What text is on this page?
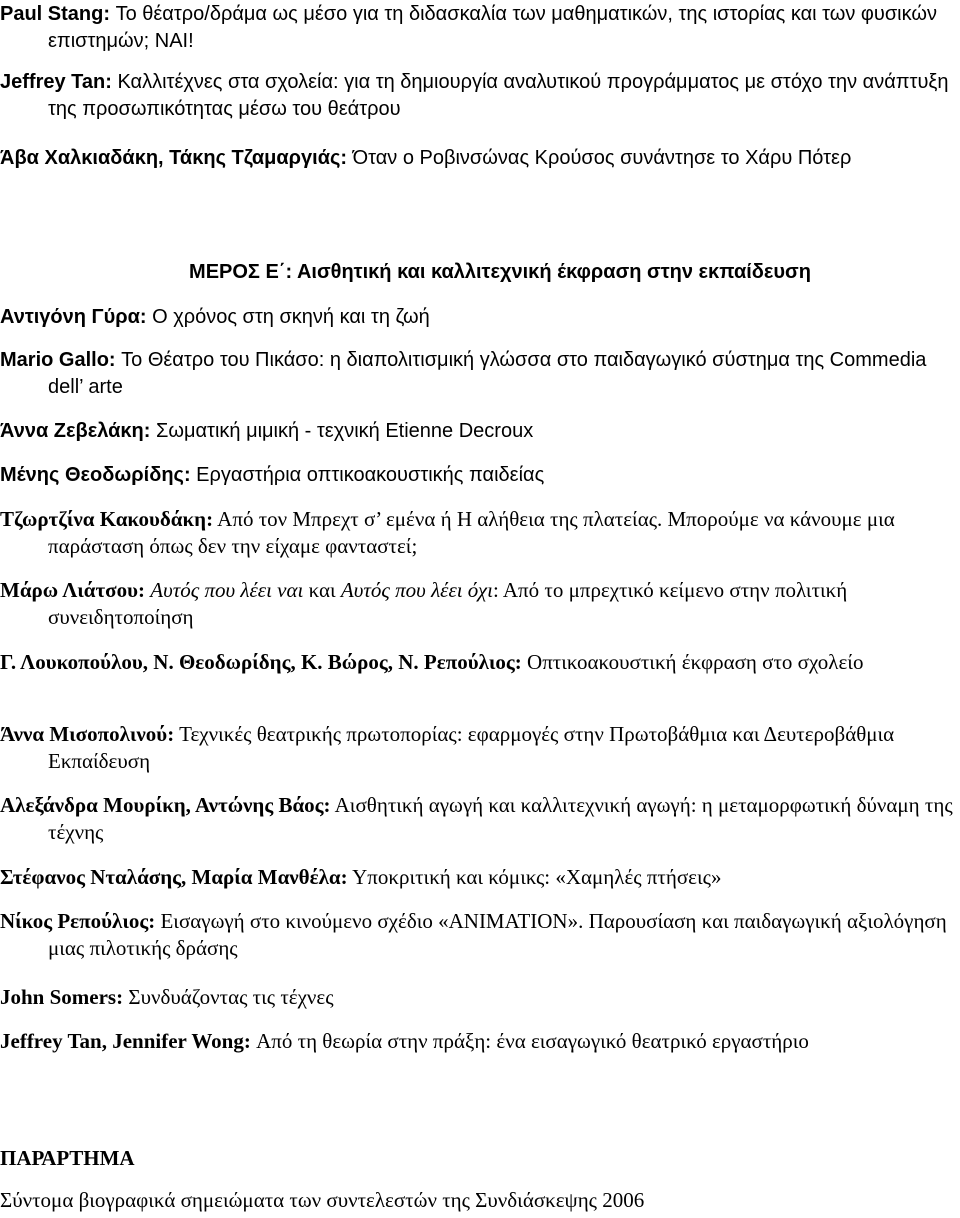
Paul Stang: Το θέατρο/δράμα ως μέσο για τη διδασκαλία των μαθηματικών, της ιστορίας και των φυσικών επιστημών; ΝΑΙ!

Jeffrey Tan: Καλλιτέχνες στα σχολεία: για τη δημιουργία αναλυτικού προγράμματος με στόχο την ανάπτυξη της προσωπικότητας μέσω του θεάτρου

Άβα Χαλκιαδάκη, Τάκης Τζαμαργιάς: Όταν ο Ροβινσώνας Κρούσος συνάντησε το Χάρυ Πότερ

ΜΕΡΟΣ Ε΄: Αισθητική και καλλιτεχνική έκφραση στην εκπαίδευση

Αντιγόνη Γύρα: Ο χρόνος στη σκηνή και τη ζωή

Mario Gallo: Το Θέατρο του Πικάσο: η διαπολιτισμική γλώσσα στο παιδαγωγικό σύστημα της Commedia dell’ arte

Άννα Ζεβελάκη: Σωματική μιμική - τεχνική Etienne Decroux

Μένης Θεοδωρίδης: Εργαστήρια οπτικοακουστικής παιδείας

Τζωρτζίνα Κακουδάκη: Από τον Μπρεχτ σ’ εμένα ή Η αλήθεια της πλατείας. Μπορούμε να κάνουμε μια παράσταση όπως δεν την είχαμε φανταστεί;

Μάρω Λιάτσου: Αυτός που λέει ναι και Αυτός που λέει όχι: Από το μπρεχτικό κείμενο στην πολιτική συνειδητοποίηση

Γ. Λουκοπούλου, Ν. Θεοδωρίδης, Κ. Βώρος, Ν. Ρεπούλιος: Οπτικοακουστική έκφραση στο σχολείο

Άννα Μισοπολινού: Τεχνικές θεατρικής πρωτοπορίας: εφαρμογές στην Πρωτοβάθμια και Δευτεροβάθμια Εκπαίδευση

Αλεξάνδρα Μουρίκη, Αντώνης Βάος: Αισθητική αγωγή και καλλιτεχνική αγωγή: η μεταμορφωτική δύναμη της τέχνης

Στέφανος Νταλάσης, Μαρία Μανθέλα: Υποκριτική και κόμικς: «Χαμηλές πτήσεις»

Νίκος Ρεπούλιος: Εισαγωγή στο κινούμενο σχέδιο «ANIMATION». Παρουσίαση και παιδαγωγική αξιολόγηση μιας πιλοτικής δράσης

John Somers: Συνδυάζοντας τις τέχνες

Jeffrey Tan, Jennifer Wong: Από τη θεωρία στην πράξη: ένα εισαγωγικό θεατρικό εργαστήριο

ΠΑΡΑΡΤΗΜΑ

Σύντομα βιογραφικά σημειώματα των συντελεστών της Συνδιάσκεψης 2006
